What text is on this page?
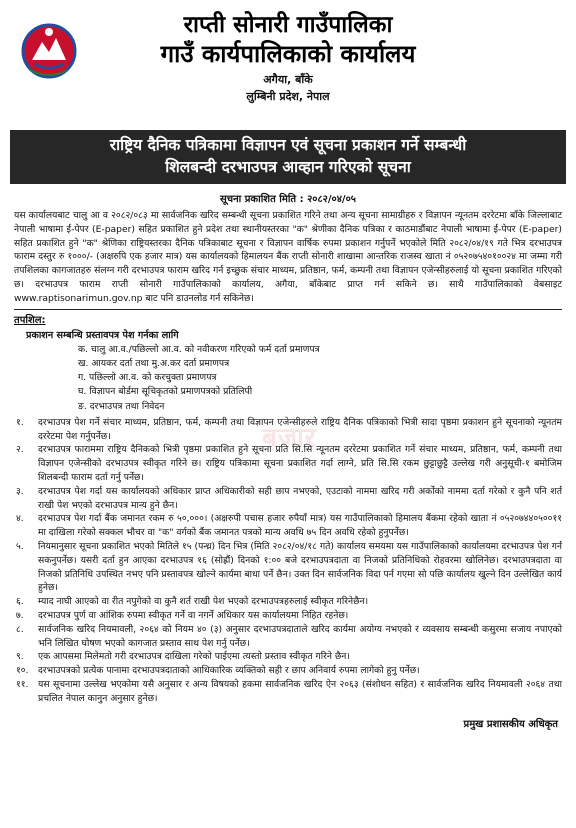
राप्ती सोनारी गाउँपालिका
गाउँ कार्यपालिकाको कार्यालय
अगैया, बाँके
लुम्बिनी प्रदेश, नेपाल
राष्ट्रिय दैनिक पत्रिकामा विज्ञापन एवं सूचना प्रकाशन गर्ने सम्बन्धी
शिलबन्दी दरभाउपत्र आव्हान गरिएको सूचना
सूचना प्रकाशित मिति : २०८२/०४/०५
यस कार्यालयबाट चालु आ व २०८२/०८३ मा सार्वजनिक खरिद सम्बन्धी सूचना प्रकाशित गरिने तथा अन्य सूचना सामाग्रीहरु र विज्ञापन न्यूनतम दररेटमा बाँके जिल्लाबाट नेपाली भाषामा ई-पेपर (E-paper) सहित प्रकाशित हुने प्रदेश तथा स्थानीयस्तरका "क" श्रेणीका दैनिक पत्रिका र काठमाडौंबाट नेपाली भाषामा ई-पेपर (E-paper) सहित प्रकाशित हुने "क" श्रेणिका राष्ट्रियस्तरका दैनिक पत्रिकाबाट सूचना र विज्ञापन वार्षिक रुपमा प्रकाशन गर्नुपर्ने भएकोले मिति २०८२/०४/१९ गते भित्र दरभाउपत्र फाराम दस्तुर रु १०००/- (अक्षरुपि एक हजार मात्र) यस कार्यालयको हिमालयन बैंक राप्ती सोनारी शाखामा आन्तरिक राजस्व खाता नं ०५२०७५४०१००२४ मा जम्मा गरी तपशिलका कागजातहरु संलग्न गरी दरभाउपत्र फाराम खरिद गर्न इच्छुक संचार माध्यम, प्रतिष्ठान, फर्म, कम्पनी तथा विज्ञापन एजेन्सीहरुलाई यो सूचना प्रकाशित गरिएको छ। दरभाउपत्र फाराम राप्ती सोनारी गाउँपालिकाको कार्यालय, अगैया, बाँकेबाट प्राप्त गर्न सकिने छ। साथै गाउँपालिकाको वेबसाइट www.raptisonarimun.gov.np बाट पनि डाउनलोड गर्न सकिनेछ।
तपशिल:
प्रकाशन सम्बन्धि प्रस्तावपत्र पेश गर्नका लागि
क. चालु आ.व./पछिल्लो आ.व. को नवीकरण गरिएको फर्म दर्ता प्रमाणपत्र
ख. आयकर दर्ता तथा मु.अ.कर दर्ता प्रमाणपत्र
ग. पछिल्लो आ.व. को करचुक्ता प्रमाणपत्र
घ. विज्ञापन बोर्डमा सूचिकृतको प्रमाणपत्रको प्रतिलिपी
ङ. दरभाउपत्र तथा निवेदन
१.	दरभाउपत्र पेश गर्ने संचार माध्यम, प्रतिष्ठान, फर्म, कम्पनी तथा विज्ञापन एजेन्सीहरुले राष्ट्रिय दैनिक पत्रिकाको भित्री सादा पृष्ठमा प्रकाशन हुने सूचनाको न्यूनतम दररेटमा पेश गर्नुपर्नेछ।
२.	दरभाउपत्र फाराममा राष्ट्रिय दैनिकको भित्री पृष्ठमा प्रकाशित हुने सूचना प्रति सि.सि न्यूनतम दररेटमा प्रकाशित गर्ने संचार माध्यम, प्रतिष्ठान, फर्म, कम्पनी तथा विज्ञापन एजेन्सीको दरभाउपत्र स्वीकृत गरिने छ। राष्ट्रिय पत्रिकामा सूचना प्रकाशित गर्दा लाग्ने, प्रति सि.सि रकम छुट्टाछुट्टै उल्लेख गरी अनुसूची-१ बमोजिम शिलबन्दी फाराम दर्ता गर्नु पर्नेछ।
३.	दरभाउपत्र पेश गर्दा यस कार्यालयको अधिकार प्राप्त अधिकारीको सही छाप नभएको, एउटाको नाममा खरिद गरी अर्कोको नाममा दर्ता गरेको र कुनै पनि शर्त राखी पेश भएको दरभाउपत्र मान्य हुने छैन।
४.	दरभाउपत्र पेश गर्दा बैंक जमानत रकम रु ५०,०००। (अक्षरुपी पचास हजार रुपैयाँ मात्र) यस गाउँपालिकाको हिमालय बैंकमा रहेको खाता नं ०५२०७४४०५००११ मा दाखिला गरेको सक्कल भौचर वा "क" वर्गको बैंक जमानत पत्रको मान्य अवधि ७५ दिन अवधि रहेको हुनुपर्नेछ।
५.	नियमानुसार सूचना प्रकाशित भएको मितिले १५ (पन्ध्र) दिन भित्र (मिति २०८२/०४/१८ गते) कार्यालय समयमा यस गाउँपालिकाको कार्यालयमा दरभाउपत्र पेश गर्न सकनुपर्नेछ। यसरी दर्ता हुन आएका दरभाउपत्र १६ (सोह्रौं) दिनको १:०० बजे दरभाउपत्रदाता वा निजको प्रतिनिधिको रोहवरमा खोलिनेछ। दरभाउपत्रदाता वा निजको प्रतिनिधि उपस्थित नभए पनि प्रस्तावपत्र खोल्ने कार्यमा बाधा पर्ने छैन। उक्त दिन सार्वजनिक विदा पर्न गएमा सो पछि कार्यालय खुल्ने दिन उल्लेखित कार्य हुनेछ।
६.	म्याद नाघी आएको वा रीत नपुगेको वा कुनै शर्त राखी पेश भएको दरभाउपत्रहरुलाई स्वीकृत गरिनेछैन।
७.	दरभाउपत्र पुर्ण वा आंशिक रुपमा स्वीकृत गर्ने वा नगर्ने अधिकार यस कार्यालयमा निहित रहनेछ।
८.	सार्वजनिक खरिद नियमावली, २०६४ को नियम ४० (३) अनुसार दरभाउपत्रदाताले खरिद कार्यमा अयोग्य नभएको र व्यवसाय सम्बन्धी कसुरमा सजाय नपाएको भनि लिखित घोषण भएको कागजात प्रस्ताव साथ पेश गर्नु पर्नेछ।
९.	एक आपसमा मिलेमतो गरी दरभाउपत्र दाखिला गरेको पाईएमा त्यस्तो प्रस्ताव स्वीकृत गरिने छैन।
१०.	दरभाउपत्रको प्रत्येक पानामा दरभाउपत्रदाताको आधिकारिक व्यक्तिको सही र छाप अनिवार्य रुपमा लागेको हुनु पर्नेछ।
११.	यस सूचनामा उल्लेख भएकोमा यसै अनुसार र अन्य विषयको हकमा सार्वजनिक खरिद ऐन २०६३ (संशोधन सहित) र सार्वजनिक खरिद नियमावली २०६४ तथा प्रचलित नेपाल कानुन अनुसार हुनेछ।
प्रमुख प्रशासकीय अधिकृत
बजार
